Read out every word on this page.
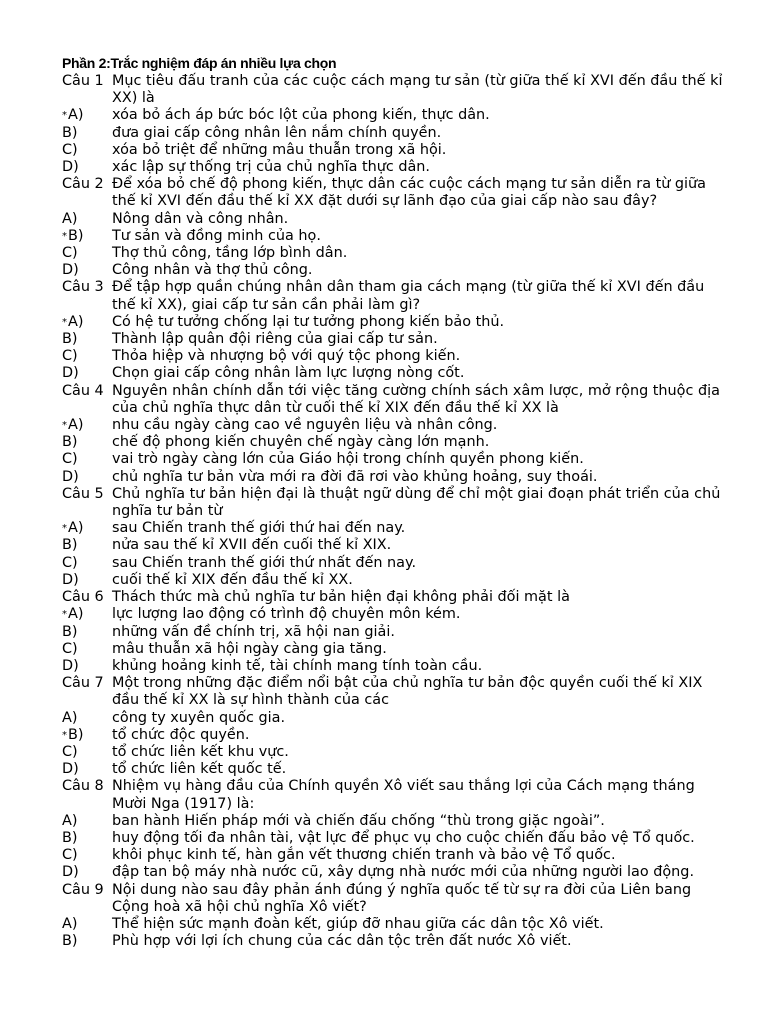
Phần 2:Trắc nghiệm đáp án nhiều lựa chọn
Câu 1 Mục tiêu đấu tranh của các cuộc cách mạng tư sản (từ giữa thế kỉ XVI đến đầu thế kỉ XX) là
* A) xóa bỏ ách áp bức bóc lột của phong kiến, thực dân.
B) đưa giai cấp công nhân lên nắm chính quyền.
C) xóa bỏ triệt để những mâu thuẫn trong xã hội.
D) xác lập sự thống trị của chủ nghĩa thực dân.
Câu 2 Để xóa bỏ chế độ phong kiến, thực dân các cuộc cách mạng tư sản diễn ra từ giữa thế kỉ XVI đến đầu thế kỉ XX đặt dưới sự lãnh đạo của giai cấp nào sau đây?
A) Nông dân và công nhân.
* B) Tư sản và đồng minh của họ.
C) Thợ thủ công, tầng lớp bình dân.
D) Công nhân và thợ thủ công.
Câu 3 Để tập hợp quần chúng nhân dân tham gia cách mạng (từ giữa thế kỉ XVI đến đầu thế kỉ XX), giai cấp tư sản cần phải làm gì?
* A) Có hệ tư tưởng chống lại tư tưởng phong kiến bảo thủ.
B) Thành lập quân đội riêng của giai cấp tư sản.
C) Thỏa hiệp và nhượng bộ với quý tộc phong kiến.
D) Chọn giai cấp công nhân làm lực lượng nòng cốt.
Câu 4 Nguyên nhân chính dẫn tới việc tăng cường chính sách xâm lược, mở rộng thuộc địa của chủ nghĩa thực dân từ cuối thế kỉ XIX đến đầu thế kỉ XX là
* A) nhu cầu ngày càng cao về nguyên liệu và nhân công.
B) chế độ phong kiến chuyên chế ngày càng lớn mạnh.
C) vai trò ngày càng lớn của Giáo hội trong chính quyền phong kiến.
D) chủ nghĩa tư bản vừa mới ra đời đã rơi vào khủng hoảng, suy thoái.
Câu 5 Chủ nghĩa tư bản hiện đại là thuật ngữ dùng để chỉ một giai đoạn phát triển của chủ nghĩa tư bản từ
* A) sau Chiến tranh thế giới thứ hai đến nay.
B) nửa sau thế kỉ XVII đến cuối thế kỉ XIX.
C) sau Chiến tranh thế giới thứ nhất đến nay.
D) cuối thế kỉ XIX đến đầu thế kỉ XX.
Câu 6 Thách thức mà chủ nghĩa tư bản hiện đại không phải đối mặt là
* A) lực lượng lao động có trình độ chuyên môn kém.
B) những vấn đề chính trị, xã hội nan giải.
C) mâu thuẫn xã hội ngày càng gia tăng.
D) khủng hoảng kinh tế, tài chính mang tính toàn cầu.
Câu 7 Một trong những đặc điểm nổi bật của chủ nghĩa tư bản độc quyền cuối thế kỉ XIX đầu thế kỉ XX là sự hình thành của các
A) công ty xuyên quốc gia.
* B) tổ chức độc quyền.
C) tổ chức liên kết khu vực.
D) tổ chức liên kết quốc tế.
Câu 8 Nhiệm vụ hàng đầu của Chính quyền Xô viết sau thắng lợi của Cách mạng tháng Mười Nga (1917) là:
A) ban hành Hiến pháp mới và chiến đấu chống “thù trong giặc ngoài”.
B) huy động tối đa nhân tài, vật lực để phục vụ cho cuộc chiến đấu bảo vệ Tổ quốc.
C) khôi phục kinh tế, hàn gắn vết thương chiến tranh và bảo vệ Tổ quốc.
D) đập tan bộ máy nhà nước cũ, xây dựng nhà nước mới của những người lao động.
Câu 9 Nội dung nào sau đây phản ánh đúng ý nghĩa quốc tế từ sự ra đời của Liên bang Cộng hoà xã hội chủ nghĩa Xô viết?
A) Thể hiện sức mạnh đoàn kết, giúp đỡ nhau giữa các dân tộc Xô viết.
B) Phù hợp với lợi ích chung của các dân tộc trên đất nước Xô viết.
